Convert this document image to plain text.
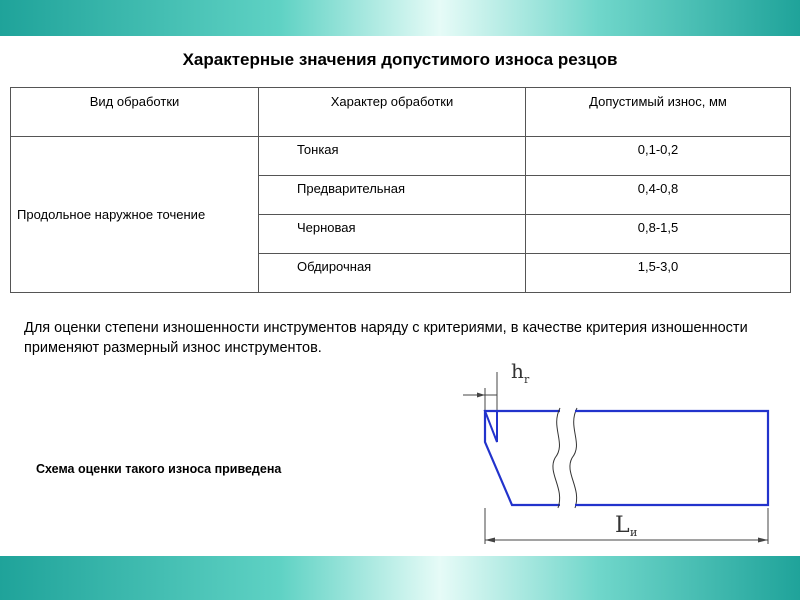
Характерные значения допустимого износа резцов
Вид обработки	Характер обработки	Допустимый износ, мм
Продольное наружное точение	Тонкая	0,1-0,2
	Предварительная	0,4-0,8
	Черновая	0,8-1,5
	Обдирочная	1,5-3,0
Для оценки степени изношенности инструментов наряду с критериями, в качестве критерия изношенности применяют размерный износ инструментов.
Схема оценки такого износа приведена
h r
L и
